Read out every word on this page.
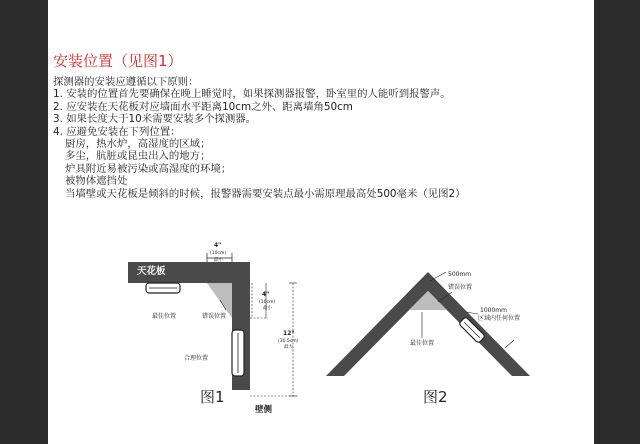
安装位置（见图1）
探测器的安装应遵循以下原则：
1. 安装的位置首先要确保在晚上睡觉时，如果探测器报警，卧室里的人能听到报警声。
2. 应安装在天花板对应墙面水平距离10cm之外、距离墙角50cm
3. 如果长度大于10米需要安装多个探测器。
4. 应避免安装在下列位置：
厨房，热水炉，高湿度的区域；
多尘，肮脏或昆虫出入的地方；
炉具附近易被污染或高湿度的环境；
被物体遮挡处
当墙壁或天花板是倾斜的时候，报警器需要安装点最小需原理最高处500毫米（见图2）
天花板
4"
(10cm)
最小
4"
(10cm)
最小
12"
(30.5cm)
最大
最佳位置	错误位置
合理位置
壁侧
500mm
错误位置
1000mm
区域内任何位置
最佳位置
图1	图2
